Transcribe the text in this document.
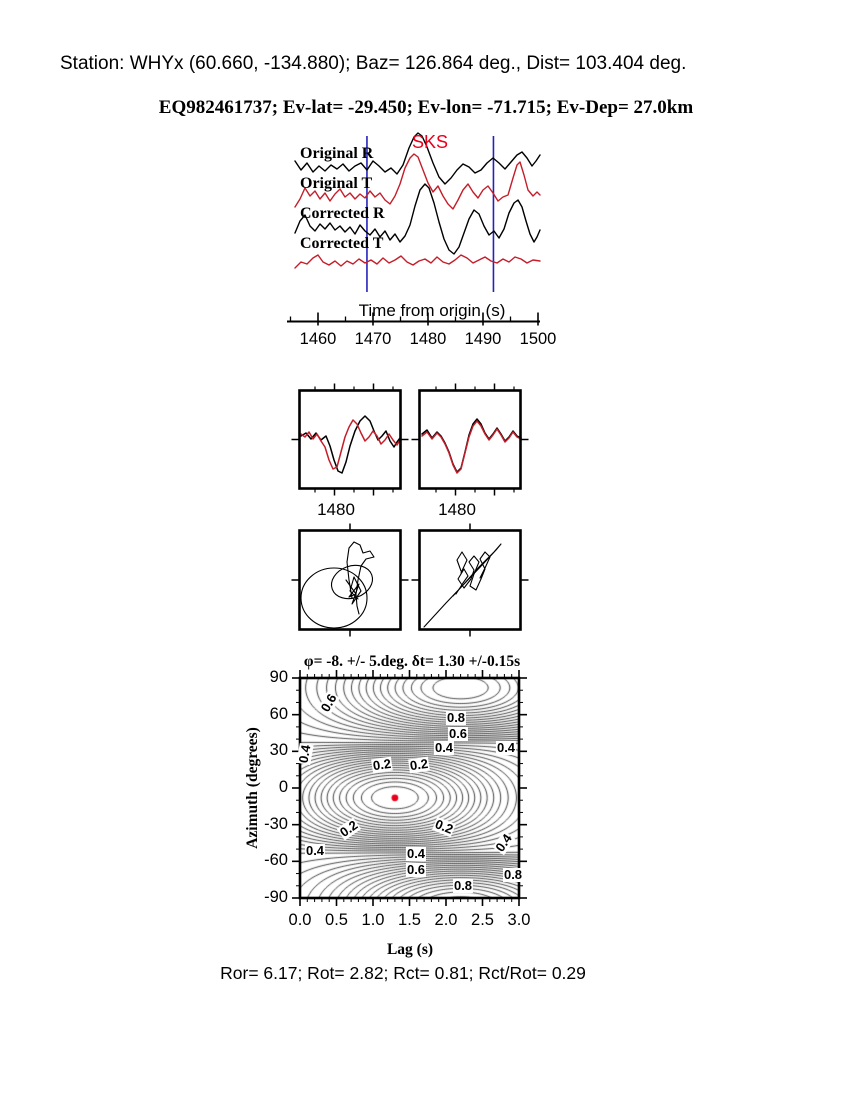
Station: WHYx (60.660, -134.880); Baz= 126.864 deg., Dist= 103.404 deg.
EQ982461737; Ev-lat= -29.450; Ev-lon= -71.715; Ev-Dep= 27.0km
SKS
Original R
Original T
Corrected R
Corrected T
Time from origin (s)
1480	1480
φ= -8. +/- 5.deg. δt= 1.30 +/-0.15s
Azimuth (degrees)
Lag (s)
Ror= 6.17; Rot= 2.82; Rct= 0.81; Rct/Rot= 0.29
1460 1470 1480 1490 1500
0.0 0.5 1.0 1.5 2.0 2.5 3.0
90
60
30
0
-30
-60
-90
0.6
0.8
0.6
0.4	0.4
0.4
0.2 0.2
0.2	0.2
0.4	0.4
0.4
0.6
0.8
0.8
